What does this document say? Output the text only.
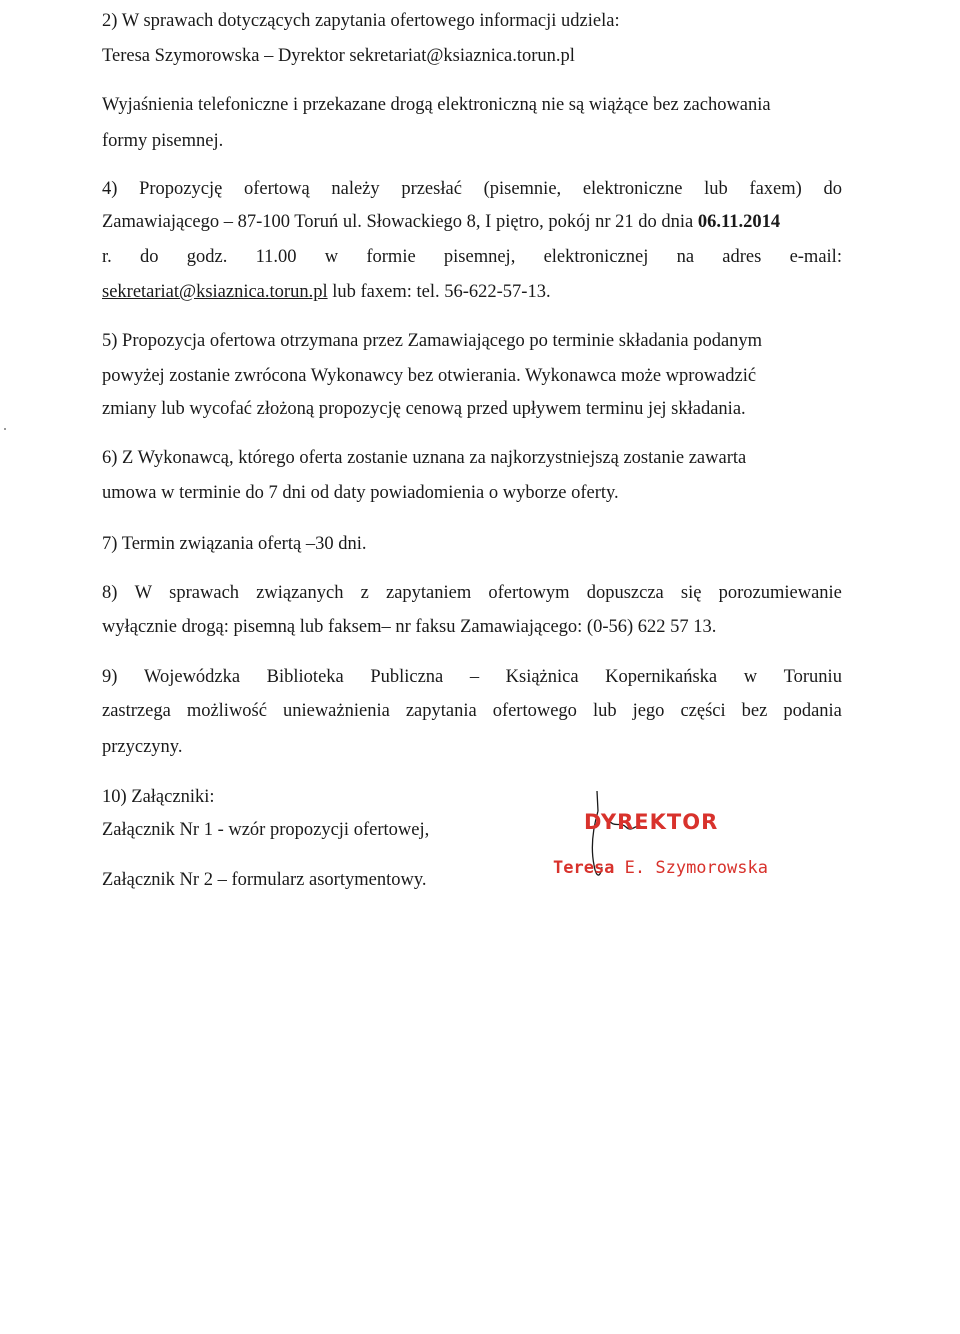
2) W sprawach dotyczących zapytania ofertowego informacji udziela:
Teresa Szymorowska – Dyrektor sekretariat@ksiaznica.torun.pl
Wyjaśnienia telefoniczne i przekazane drogą elektroniczną nie są wiążące bez zachowania
formy pisemnej.
4) Propozycję ofertową należy przesłać (pisemnie, elektroniczne lub faxem) do
Zamawiającego – 87-100 Toruń ul. Słowackiego 8, I piętro, pokój nr 21 do dnia 06.11.2014
r. do godz. 11.00 w formie pisemnej, elektronicznej na adres e-mail:
sekretariat@ksiaznica.torun.pl lub faxem: tel. 56-622-57-13.
5) Propozycja ofertowa otrzymana przez Zamawiającego po terminie składania podanym
powyżej zostanie zwrócona Wykonawcy bez otwierania. Wykonawca może wprowadzić
zmiany lub wycofać złożoną propozycję cenową przed upływem terminu jej składania.
6) Z Wykonawcą, którego oferta zostanie uznana za najkorzystniejszą zostanie zawarta
umowa w terminie do 7 dni od daty powiadomienia o wyborze oferty.
7) Termin związania ofertą –30 dni.
8) W sprawach związanych z zapytaniem ofertowym dopuszcza się porozumiewanie
wyłącznie drogą: pisemną lub faksem– nr faksu Zamawiającego: (0-56) 622 57 13.
9) Wojewódzka Biblioteka Publiczna – Książnica Kopernikańska w Toruniu
zastrzega możliwość unieważnienia zapytania ofertowego lub jego części bez podania
przyczyny.
10) Załączniki:
Załącznik Nr 1 - wzór propozycji ofertowej,
Załącznik Nr 2 – formularz asortymentowy.
DYREKTOR
Teresa E. Szymorowska
